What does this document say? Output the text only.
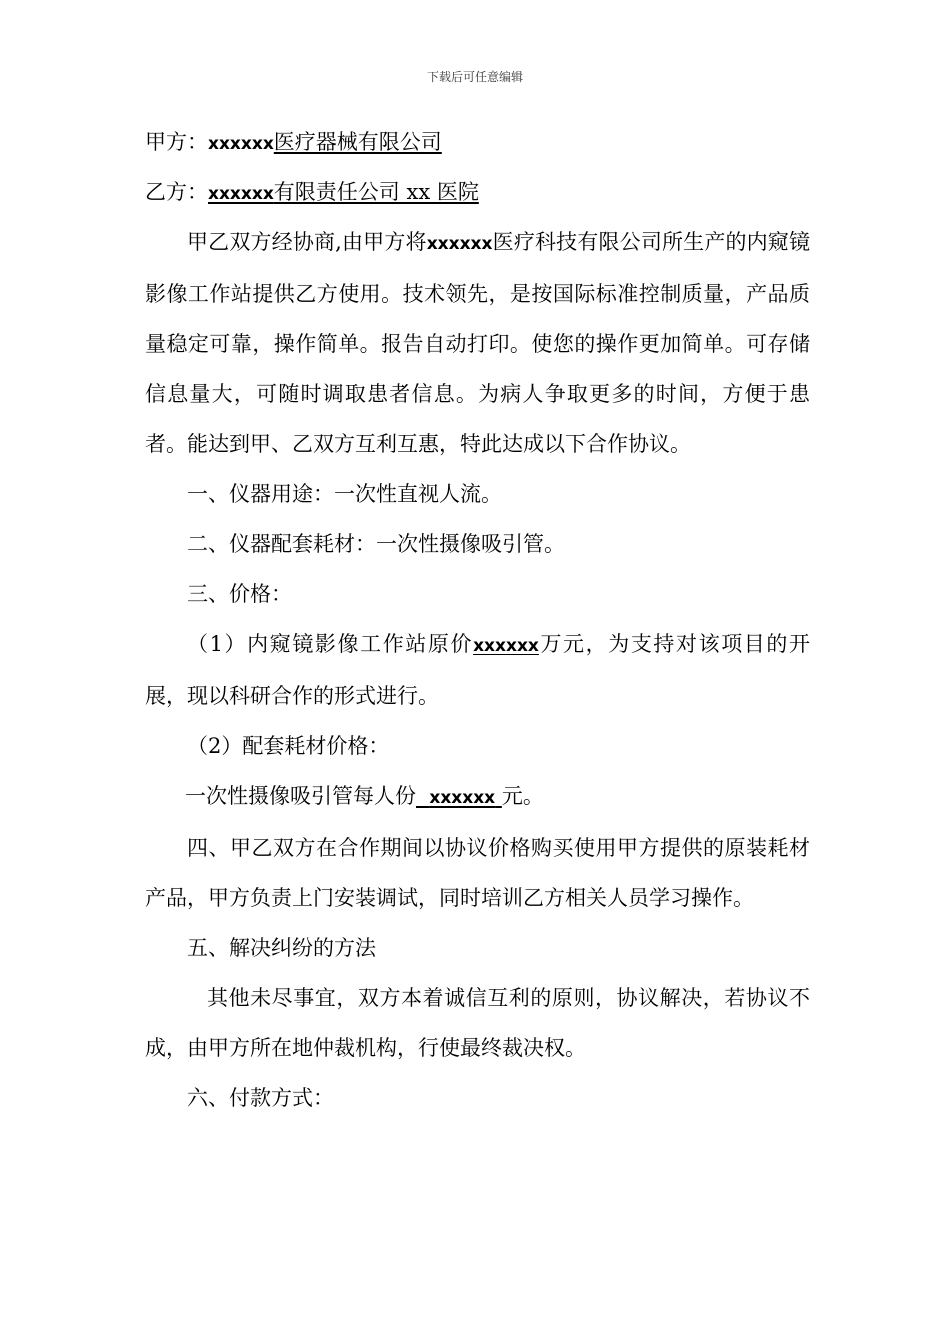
下载后可任意编辑
甲方：xxxxxx医疗器械有限公司
乙方：xxxxxx有限责任公司 xx 医院
甲乙双方经协商,由甲方将xxxxxx医疗科技有限公司所生产的内窥镜影像工作站提供乙方使用。技术领先，是按国际标准控制质量，产品质量稳定可靠，操作简单。报告自动打印。使您的操作更加简单。可存储信息量大，可随时调取患者信息。为病人争取更多的时间，方便于患者。能达到甲、乙双方互利互惠，特此达成以下合作协议。
一、仪器用途：一次性直视人流。
二、仪器配套耗材：一次性摄像吸引管。
三、价格：
（1）内窥镜影像工作站原价xxxxxx万元，为支持对该项目的开展，现以科研合作的形式进行。
（2）配套耗材价格：
一次性摄像吸引管每人份 xxxxxx 元。
四、甲乙双方在合作期间以协议价格购买使用甲方提供的原装耗材产品，甲方负责上门安装调试，同时培训乙方相关人员学习操作。
五、解决纠纷的方法
其他未尽事宜，双方本着诚信互利的原则，协议解决，若协议不成，由甲方所在地仲裁机构，行使最终裁决权。
六、付款方式：
